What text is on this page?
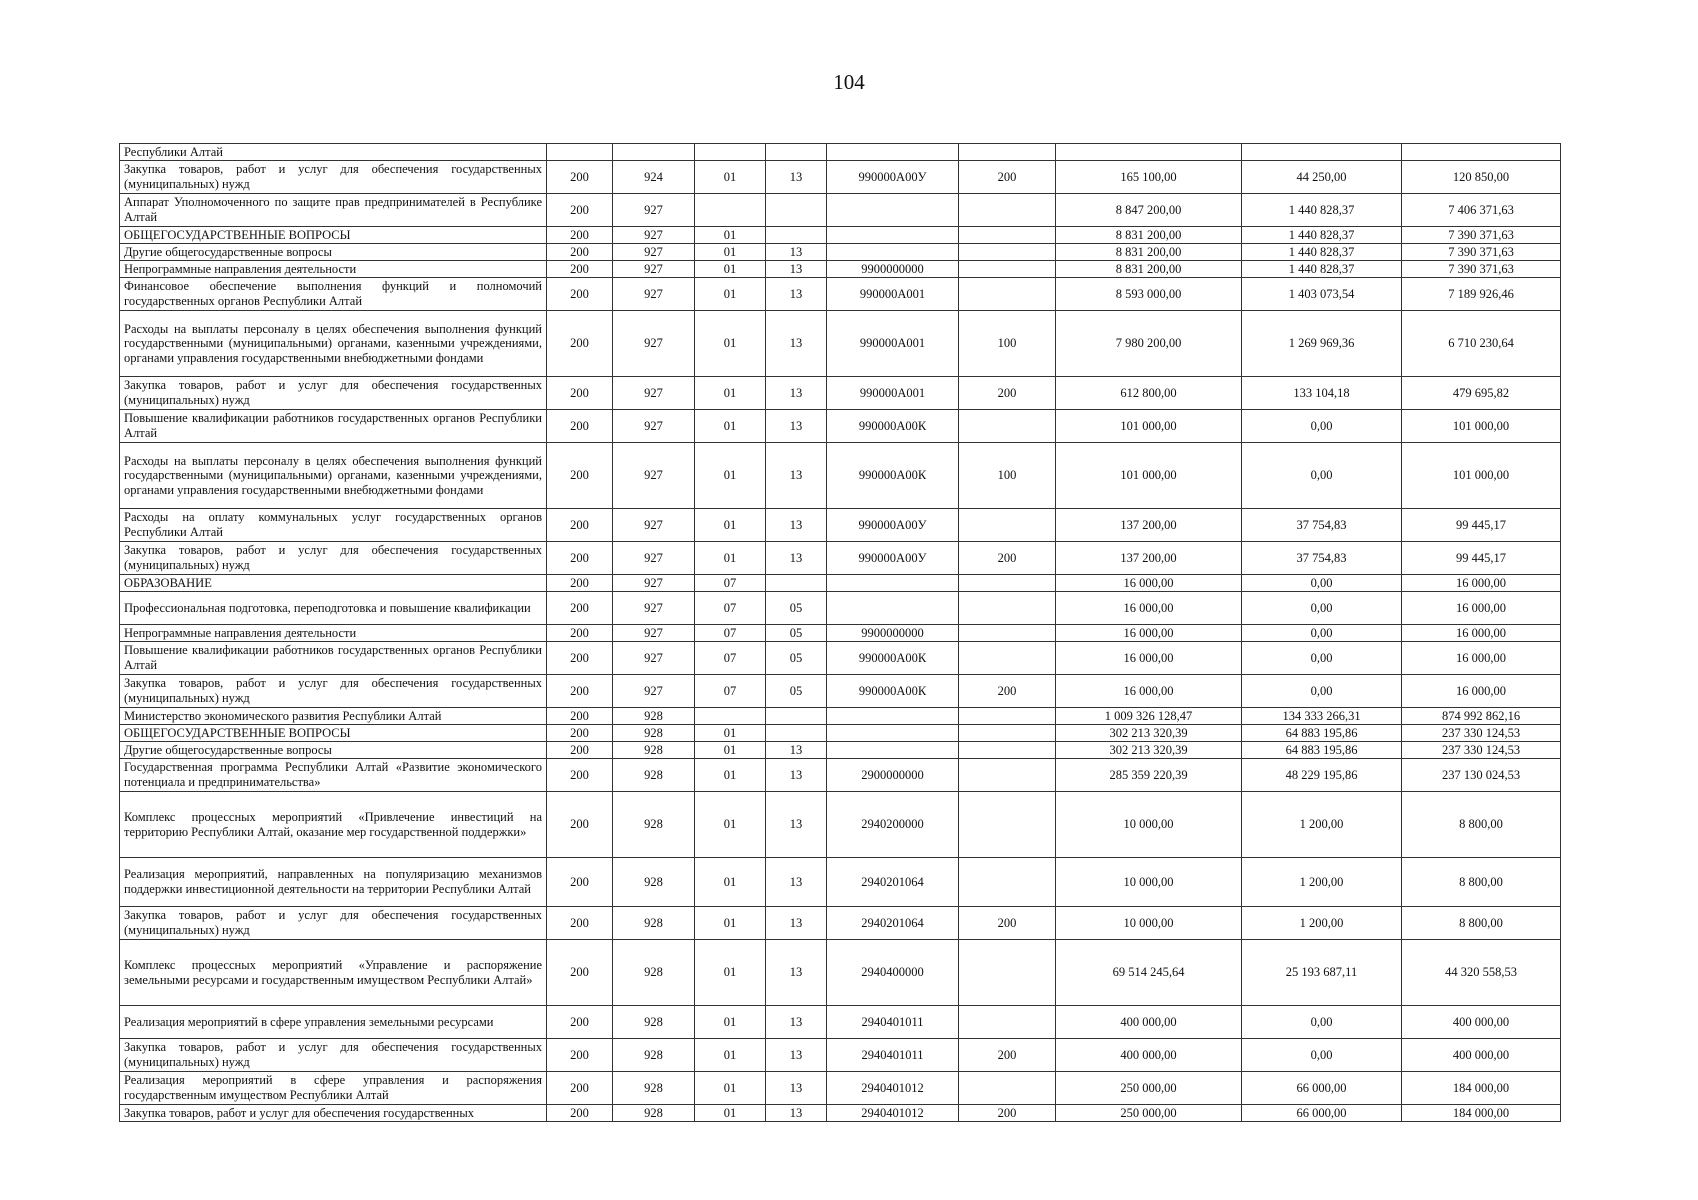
104
Республики Алтай									
Закупка товаров, работ и услуг для обеспечения государственных (муниципальных) нужд	200	924	01	13	990000А00У	200	165 100,00	44 250,00	120 850,00
Аппарат Уполномоченного по защите прав предпринимателей в Республике Алтай	200	927					8 847 200,00	1 440 828,37	7 406 371,63
ОБЩЕГОСУДАРСТВЕННЫЕ ВОПРОСЫ	200	927	01				8 831 200,00	1 440 828,37	7 390 371,63
Другие общегосударственные вопросы	200	927	01	13			8 831 200,00	1 440 828,37	7 390 371,63
Непрограммные направления деятельности	200	927	01	13	9900000000		8 831 200,00	1 440 828,37	7 390 371,63
Финансовое обеспечение выполнения функций и полномочий государственных органов Республики Алтай	200	927	01	13	990000А001		8 593 000,00	1 403 073,54	7 189 926,46
Расходы на выплаты персоналу в целях обеспечения выполнения функций государственными (муниципальными) органами, казенными учреждениями, органами управления государственными внебюджетными фондами	200	927	01	13	990000А001	100	7 980 200,00	1 269 969,36	6 710 230,64
Закупка товаров, работ и услуг для обеспечения государственных (муниципальных) нужд	200	927	01	13	990000А001	200	612 800,00	133 104,18	479 695,82
Повышение квалификации работников государственных органов Республики Алтай	200	927	01	13	990000А00К		101 000,00	0,00	101 000,00
Расходы на выплаты персоналу в целях обеспечения выполнения функций государственными (муниципальными) органами, казенными учреждениями, органами управления государственными внебюджетными фондами	200	927	01	13	990000А00К	100	101 000,00	0,00	101 000,00
Расходы на оплату коммунальных услуг государственных органов Республики Алтай	200	927	01	13	990000А00У		137 200,00	37 754,83	99 445,17
Закупка товаров, работ и услуг для обеспечения государственных (муниципальных) нужд	200	927	01	13	990000А00У	200	137 200,00	37 754,83	99 445,17
ОБРАЗОВАНИЕ	200	927	07				16 000,00	0,00	16 000,00
Профессиональная подготовка, переподготовка и повышение квалификации	200	927	07	05			16 000,00	0,00	16 000,00
Непрограммные направления деятельности	200	927	07	05	9900000000		16 000,00	0,00	16 000,00
Повышение квалификации работников государственных органов Республики Алтай	200	927	07	05	990000А00К		16 000,00	0,00	16 000,00
Закупка товаров, работ и услуг для обеспечения государственных (муниципальных) нужд	200	927	07	05	990000А00К	200	16 000,00	0,00	16 000,00
Министерство экономического развития Республики Алтай	200	928					1 009 326 128,47	134 333 266,31	874 992 862,16
ОБЩЕГОСУДАРСТВЕННЫЕ ВОПРОСЫ	200	928	01				302 213 320,39	64 883 195,86	237 330 124,53
Другие общегосударственные вопросы	200	928	01	13			302 213 320,39	64 883 195,86	237 330 124,53
Государственная программа Республики Алтай «Развитие экономического потенциала и предпринимательства»	200	928	01	13	2900000000		285 359 220,39	48 229 195,86	237 130 024,53
Комплекс процессных мероприятий «Привлечение инвестиций на территорию Республики Алтай, оказание мер государственной поддержки»	200	928	01	13	2940200000		10 000,00	1 200,00	8 800,00
Реализация мероприятий, направленных на популяризацию механизмов поддержки инвестиционной деятельности на территории Республики Алтай	200	928	01	13	2940201064		10 000,00	1 200,00	8 800,00
Закупка товаров, работ и услуг для обеспечения государственных (муниципальных) нужд	200	928	01	13	2940201064	200	10 000,00	1 200,00	8 800,00
Комплекс процессных мероприятий «Управление и распоряжение земельными ресурсами и государственным имуществом Республики Алтай»	200	928	01	13	2940400000		69 514 245,64	25 193 687,11	44 320 558,53
Реализация мероприятий в сфере управления земельными ресурсами	200	928	01	13	2940401011		400 000,00	0,00	400 000,00
Закупка товаров, работ и услуг для обеспечения государственных (муниципальных) нужд	200	928	01	13	2940401011	200	400 000,00	0,00	400 000,00
Реализация мероприятий в сфере управления и распоряжения государственным имуществом Республики Алтай	200	928	01	13	2940401012		250 000,00	66 000,00	184 000,00
Закупка товаров, работ и услуг для обеспечения государственных	200	928	01	13	2940401012	200	250 000,00	66 000,00	184 000,00
